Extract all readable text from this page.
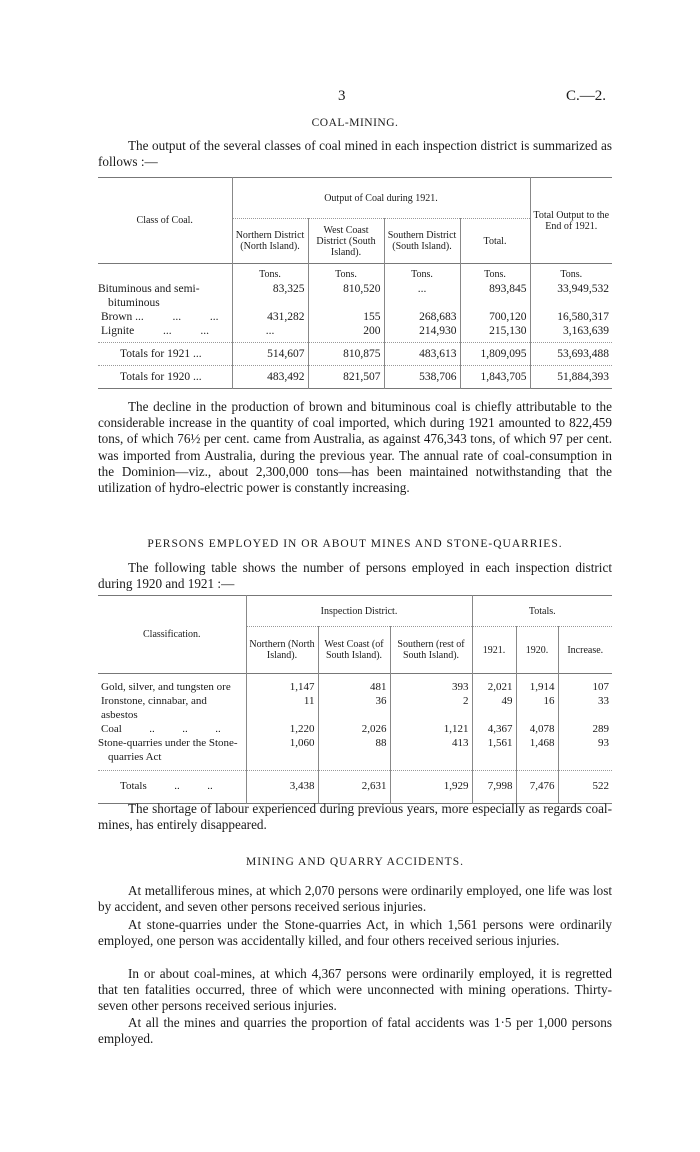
3	C.—2.
COAL-MINING.
The output of the several classes of coal mined in each inspection district is summarized as follows :—
Class of Coal.	Output of Coal during 1921.				Total Output to the End of 1921.
	Northern District (North Island).	West Coast District (South Island).	Southern District (South Island).	Total.	
	Tons.	Tons.	Tons.	Tons.	Tons.
Bituminous and semi-bituminous	83,325	810,520	...	893,845	33,949,532
Brown ...          ...          ...	431,282	155	268,683	700,120	16,580,317
Lignite          ...          ...	...	200	214,930	215,130	3,163,639
Totals for 1921 ...	514,607	810,875	483,613	1,809,095	53,693,488
Totals for 1920 ...	483,492	821,507	538,706	1,843,705	51,884,393
The decline in the production of brown and bituminous coal is chiefly attributable to the considerable increase in the quantity of coal imported, which during 1921 amounted to 822,459 tons, of which 76½ per cent. came from Australia, as against 476,343 tons, of which 97 per cent. was imported from Australia, during the previous year. The annual rate of coal-consumption in the Dominion—viz., about 2,300,000 tons—has been maintained notwithstanding that the utilization of hydro-electric power is constantly increasing.
PERSONS EMPLOYED IN OR ABOUT MINES AND STONE-QUARRIES.
The following table shows the number of persons employed in each inspection district during 1920 and 1921 :—
Classification.	Inspection District.			Totals.		
	Northern (North Island).	West Coast (of South Island).	Southern (rest of South Island).	1921.	1920.	Increase.

Gold, silver, and tungsten ore	1,147	481	393	2,021	1,914	107
Ironstone, cinnabar, and asbestos	11	36	2	49	16	33
Coal          ..          ..          ..	1,220	2,026	1,121	4,367	4,078	289
Stone-quarries under the Stone-quarries Act	1,060	88	413	1,561	1,468	93
Totals          ..          ..	3,438	2,631	1,929	7,998	7,476	522
The shortage of labour experienced during previous years, more especially as regards coal-mines, has entirely disappeared.
MINING AND QUARRY ACCIDENTS.
At metalliferous mines, at which 2,070 persons were ordinarily employed, one life was lost by accident, and seven other persons received serious injuries.
At stone-quarries under the Stone-quarries Act, in which 1,561 persons were ordinarily employed, one person was accidentally killed, and four others received serious injuries.
In or about coal-mines, at which 4,367 persons were ordinarily employed, it is regretted that ten fatalities occurred, three of which were unconnected with mining operations. Thirty-seven other persons received serious injuries.
At all the mines and quarries the proportion of fatal accidents was 1·5 per 1,000 persons employed.
